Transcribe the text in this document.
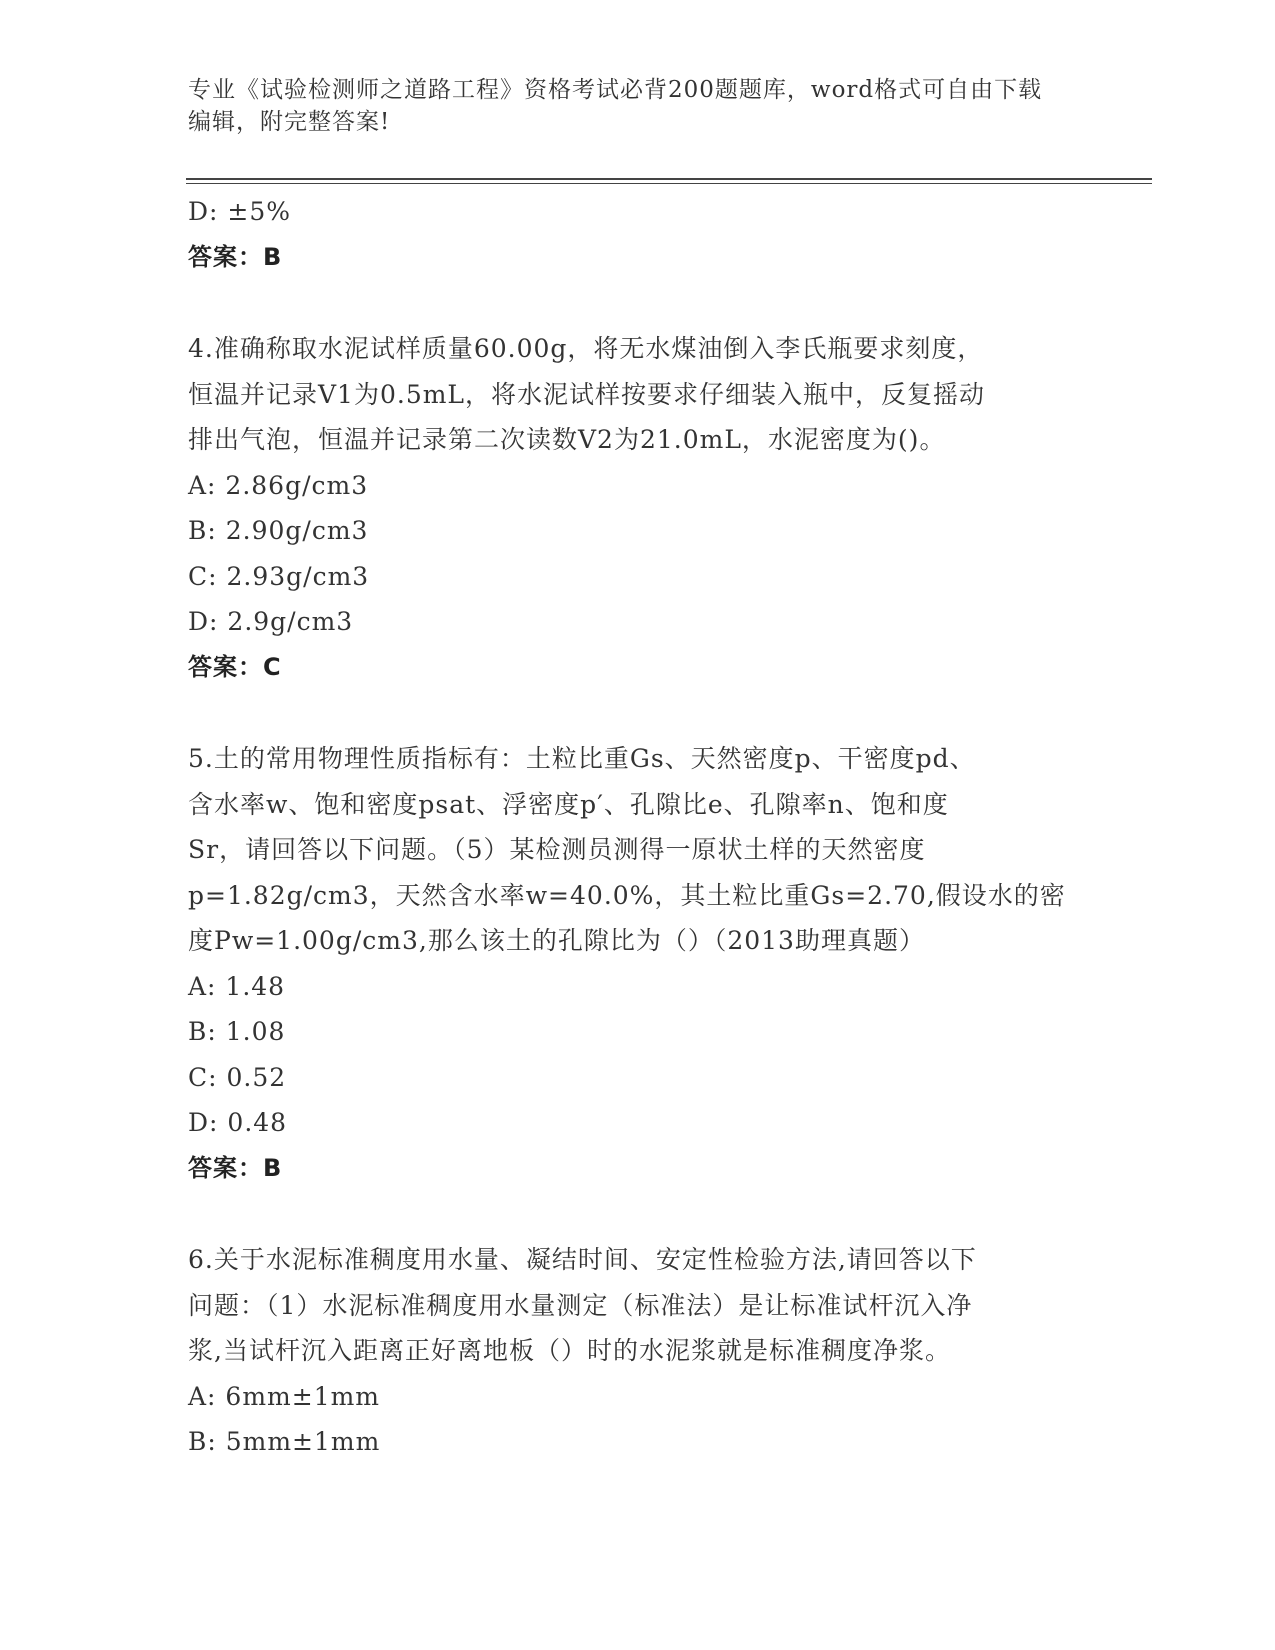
专业《试验检测师之道路工程》资格考试必背200题题库，word格式可自由下载
编辑，附完整答案!
D: ±5%
答案：B
4.准确称取水泥试样质量60.00g，将无水煤油倒入李氏瓶要求刻度，
恒温并记录V1为0.5mL，将水泥试样按要求仔细装入瓶中，反复摇动
排出气泡，恒温并记录第二次读数V2为21.0mL，水泥密度为()。
A: 2.86g/cm3
B: 2.90g/cm3
C: 2.93g/cm3
D: 2.9g/cm3
答案：C
5.土的常用物理性质指标有：土粒比重Gs、天然密度p、干密度pd、
含水率w、饱和密度psat、浮密度p′、孔隙比e、孔隙率n、饱和度
Sr，请回答以下问题。（5）某检测员测得一原状土样的天然密度
p=1.82g/cm3，天然含水率w=40.0%，其土粒比重Gs=2.70,假设水的密
度Pw=1.00g/cm3,那么该土的孔隙比为（）（2013助理真题）
A: 1.48
B: 1.08
C: 0.52
D: 0.48
答案：B
6.关于水泥标准稠度用水量、凝结时间、安定性检验方法,请回答以下
问题：（1）水泥标准稠度用水量测定（标准法）是让标准试杆沉入净
浆,当试杆沉入距离正好离地板（）时的水泥浆就是标准稠度净浆。
A: 6mm±1mm
B: 5mm±1mm
